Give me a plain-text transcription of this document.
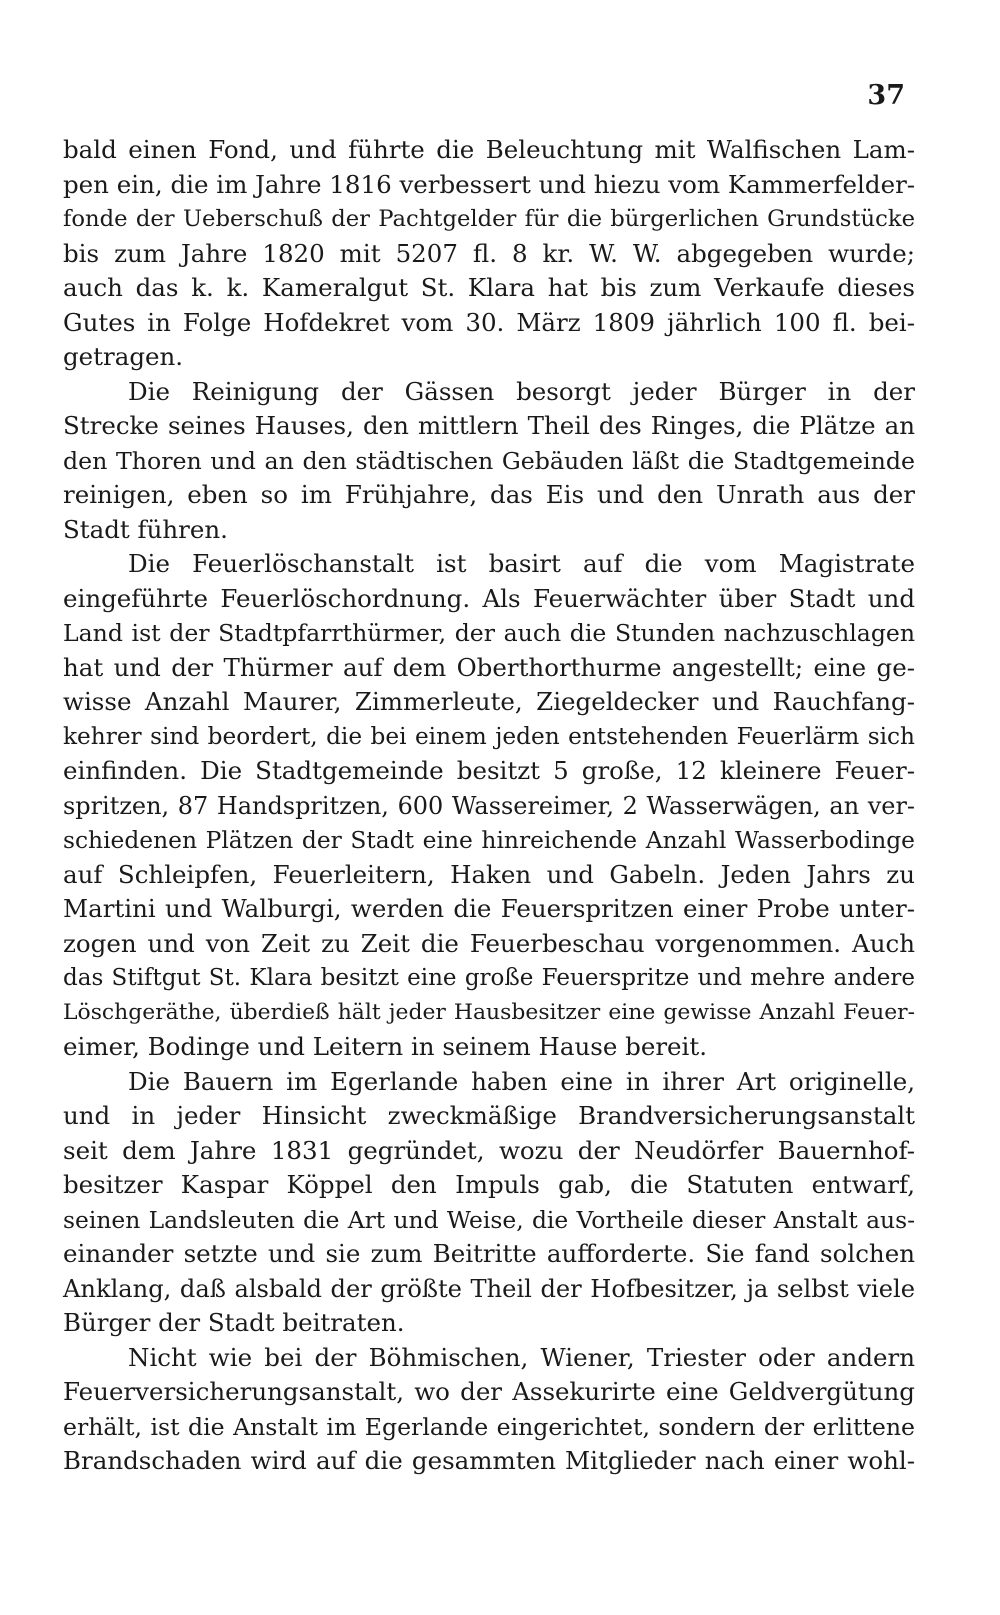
37
bald einen Fond, und führte die Beleuchtung mit Walfischen Lam-
pen ein, die im Jahre 1816 verbessert und hiezu vom Kammerfelder-
fonde der Ueberschuß der Pachtgelder für die bürgerlichen Grundstücke
bis zum Jahre 1820 mit 5207 fl. 8 kr. W. W. abgegeben wurde;
auch das k. k. Kameralgut St. Klara hat bis zum Verkaufe dieses
Gutes in Folge Hofdekret vom 30. März 1809 jährlich 100 fl. bei-
getragen.
Die Reinigung der Gässen besorgt jeder Bürger in der
Strecke seines Hauses, den mittlern Theil des Ringes, die Plätze an
den Thoren und an den städtischen Gebäuden läßt die Stadtgemeinde
reinigen, eben so im Frühjahre, das Eis und den Unrath aus der
Stadt führen.
Die Feuerlöschanstalt ist basirt auf die vom Magistrate
eingeführte Feuerlöschordnung. Als Feuerwächter über Stadt und
Land ist der Stadtpfarrthürmer, der auch die Stunden nachzuschlagen
hat und der Thürmer auf dem Oberthorthurme angestellt; eine ge-
wisse Anzahl Maurer, Zimmerleute, Ziegeldecker und Rauchfang-
kehrer sind beordert, die bei einem jeden entstehenden Feuerlärm sich
einfinden. Die Stadtgemeinde besitzt 5 große, 12 kleinere Feuer-
spritzen, 87 Handspritzen, 600 Wassereimer, 2 Wasserwägen, an ver-
schiedenen Plätzen der Stadt eine hinreichende Anzahl Wasserbodinge
auf Schleipfen, Feuerleitern, Haken und Gabeln. Jeden Jahrs zu
Martini und Walburgi, werden die Feuerspritzen einer Probe unter-
zogen und von Zeit zu Zeit die Feuerbeschau vorgenommen. Auch
das Stiftgut St. Klara besitzt eine große Feuerspritze und mehre andere
Löschgeräthe, überdieß hält jeder Hausbesitzer eine gewisse Anzahl Feuer-
eimer, Bodinge und Leitern in seinem Hause bereit.
Die Bauern im Egerlande haben eine in ihrer Art originelle,
und in jeder Hinsicht zweckmäßige Brandversicherungsanstalt
seit dem Jahre 1831 gegründet, wozu der Neudörfer Bauernhof-
besitzer Kaspar Köppel den Impuls gab, die Statuten entwarf,
seinen Landsleuten die Art und Weise, die Vortheile dieser Anstalt aus-
einander setzte und sie zum Beitritte aufforderte. Sie fand solchen
Anklang, daß alsbald der größte Theil der Hofbesitzer, ja selbst viele
Bürger der Stadt beitraten.
Nicht wie bei der Böhmischen, Wiener, Triester oder andern
Feuerversicherungsanstalt, wo der Assekurirte eine Geldvergütung
erhält, ist die Anstalt im Egerlande eingerichtet, sondern der erlittene
Brandschaden wird auf die gesammten Mitglieder nach einer wohl-
